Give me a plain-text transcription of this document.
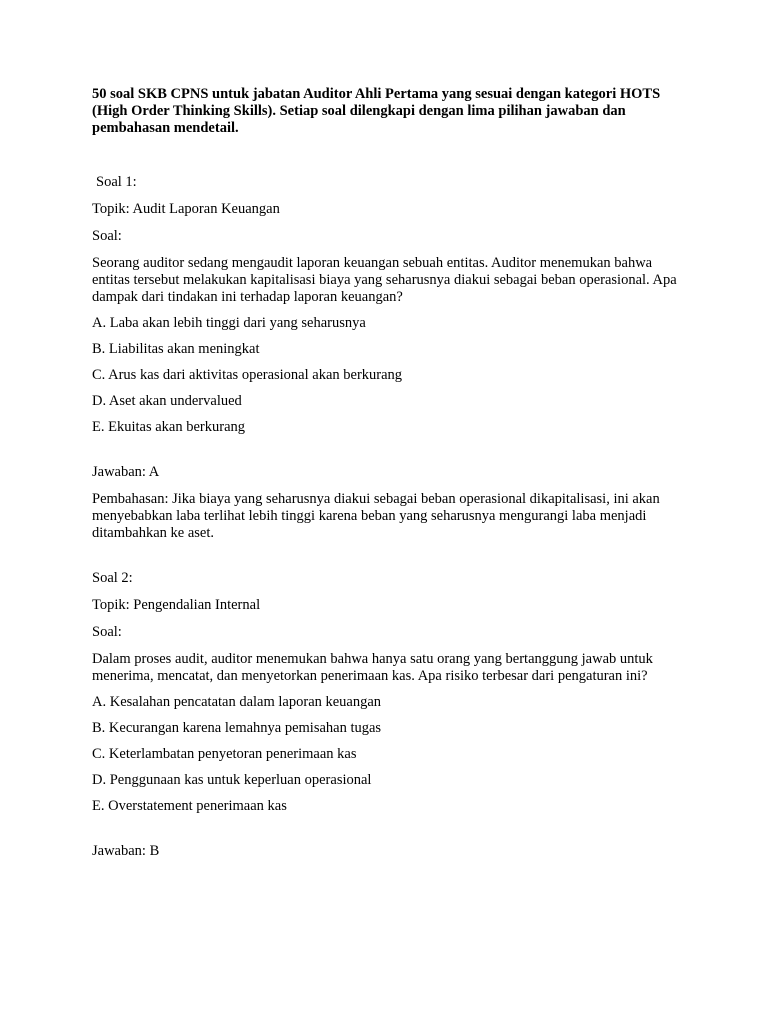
50 soal SKB CPNS untuk jabatan Auditor Ahli Pertama yang sesuai dengan kategori HOTS (High Order Thinking Skills). Setiap soal dilengkapi dengan lima pilihan jawaban dan pembahasan mendetail.

Soal 1:

Topik: Audit Laporan Keuangan

Soal:

Seorang auditor sedang mengaudit laporan keuangan sebuah entitas. Auditor menemukan bahwa entitas tersebut melakukan kapitalisasi biaya yang seharusnya diakui sebagai beban operasional. Apa dampak dari tindakan ini terhadap laporan keuangan?

A. Laba akan lebih tinggi dari yang seharusnya

B. Liabilitas akan meningkat

C. Arus kas dari aktivitas operasional akan berkurang

D. Aset akan undervalued

E. Ekuitas akan berkurang

Jawaban: A

Pembahasan: Jika biaya yang seharusnya diakui sebagai beban operasional dikapitalisasi, ini akan menyebabkan laba terlihat lebih tinggi karena beban yang seharusnya mengurangi laba menjadi ditambahkan ke aset.

Soal 2:

Topik: Pengendalian Internal

Soal:

Dalam proses audit, auditor menemukan bahwa hanya satu orang yang bertanggung jawab untuk menerima, mencatat, dan menyetorkan penerimaan kas. Apa risiko terbesar dari pengaturan ini?

A. Kesalahan pencatatan dalam laporan keuangan

B. Kecurangan karena lemahnya pemisahan tugas

C. Keterlambatan penyetoran penerimaan kas

D. Penggunaan kas untuk keperluan operasional

E. Overstatement penerimaan kas

Jawaban: B
